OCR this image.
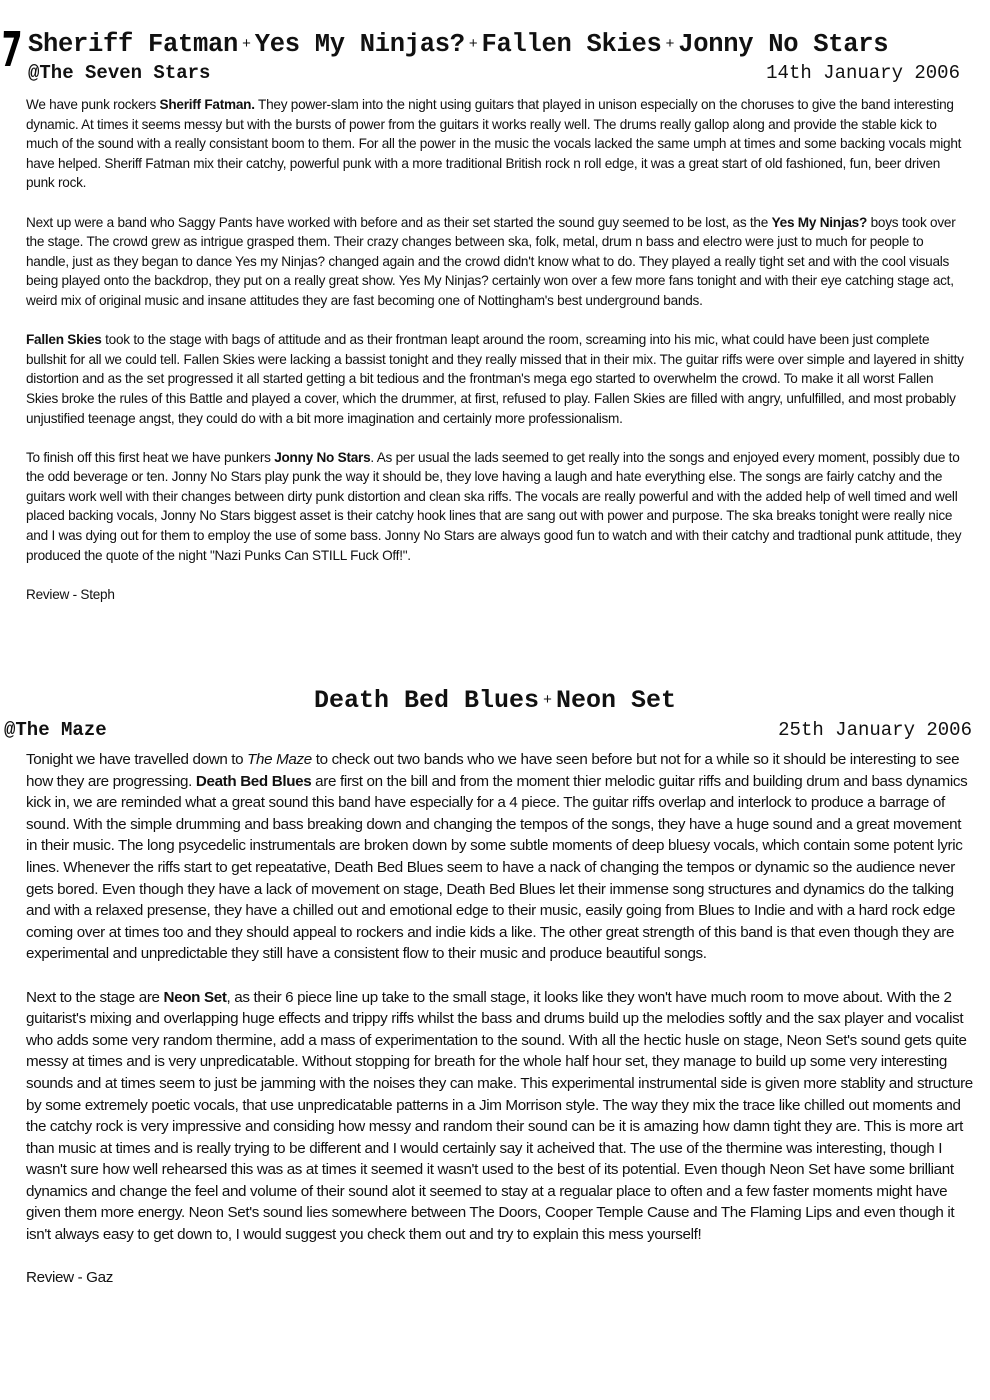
7 Sheriff Fatman + Yes My Ninjas? + Fallen Skies + Jonny No Stars
@The Seven Stars	14th January 2006

We have punk rockers Sheriff Fatman. They power-slam into the night using guitars that played in unison especially on the choruses to give the band interesting dynamic. At times it seems messy but with the bursts of power from the guitars it works really well. The drums really gallop along and provide the stable kick to much of the sound with a really consistant boom to them. For all the power in the music the vocals lacked the same umph at times and some backing vocals might have helped. Sheriff Fatman mix their catchy, powerful punk with a more traditional British rock n roll edge, it was a great start of old fashioned, fun, beer driven punk rock.

Next up were a band who Saggy Pants have worked with before and as their set started the sound guy seemed to be lost, as the Yes My Ninjas? boys took over the stage. The crowd grew as intrigue grasped them. Their crazy changes between ska, folk, metal, drum n bass and electro were just to much for people to handle, just as they began to dance Yes my Ninjas? changed again and the crowd didn't know what to do. They played a really tight set and with the cool visuals being played onto the backdrop, they put on a really great show. Yes My Ninjas? certainly won over a few more fans tonight and with their eye catching stage act, weird mix of original music and insane attitudes they are fast becoming one of Nottingham's best underground bands.

Fallen Skies took to the stage with bags of attitude and as their frontman leapt around the room, screaming into his mic, what could have been just complete bullshit for all we could tell. Fallen Skies were lacking a bassist tonight and they really missed that in their mix. The guitar riffs were over simple and layered in shitty distortion and as the set progressed it all started getting a bit tedious and the frontman's mega ego started to overwhelm the crowd. To make it all worst Fallen Skies broke the rules of this Battle and played a cover, which the drummer, at first, refused to play. Fallen Skies are filled with angry, unfulfilled, and most probably unjustified teenage angst, they could do with a bit more imagination and certainly more professionalism.

To finish off this first heat we have punkers Jonny No Stars. As per usual the lads seemed to get really into the songs and enjoyed every moment, possibly due to the odd beverage or ten. Jonny No Stars play punk the way it should be, they love having a laugh and hate everything else. The songs are fairly catchy and the guitars work well with their changes between dirty punk distortion and clean ska riffs. The vocals are really powerful and with the added help of well timed and well placed backing vocals, Jonny No Stars biggest asset is their catchy hook lines that are sang out with power and purpose. The ska breaks tonight were really nice and I was dying out for them to employ the use of some bass. Jonny No Stars are always good fun to watch and with their catchy and tradtional punk attitude, they produced the quote of the night "Nazi Punks Can STILL Fuck Off!".

Review - Steph

Death Bed Blues + Neon Set
@The Maze	25th January 2006

Tonight we have travelled down to The Maze to check out two bands who we have seen before but not for a while so it should be interesting to see how they are progressing. Death Bed Blues are first on the bill and from the moment thier melodic guitar riffs and building drum and bass dynamics kick in, we are reminded what a great sound this band have especially for a 4 piece. The guitar riffs overlap and interlock to produce a barrage of sound. With the simple drumming and bass breaking down and changing the tempos of the songs, they have a huge sound and a great movement in their music. The long psycedelic instrumentals are broken down by some subtle moments of deep bluesy vocals, which contain some potent lyric lines. Whenever the riffs start to get repeatative, Death Bed Blues seem to have a nack of changing the tempos or dynamic so the audience never gets bored. Even though they have a lack of movement on stage, Death Bed Blues let their immense song structures and dynamics do the talking and with a relaxed presense, they have a chilled out and emotional edge to their music, easily going from Blues to Indie and with a hard rock edge coming over at times too and they should appeal to rockers and indie kids a like. The other great strength of this band is that even though they are experimental and unpredictable they still have a consistent flow to their music and produce beautiful songs.

Next to the stage are Neon Set, as their 6 piece line up take to the small stage, it looks like they won't have much room to move about. With the 2 guitarist's mixing and overlapping huge effects and trippy riffs whilst the bass and drums build up the melodies softly and the sax player and vocalist who adds some very random thermine, add a mass of experimentation to the sound. With all the hectic husle on stage, Neon Set's sound gets quite messy at times and is very unpredicatable. Without stopping for breath for the whole half hour set, they manage to build up some very interesting sounds and at times seem to just be jamming with the noises they can make. This experimental instrumental side is given more stablity and structure by some extremely poetic vocals, that use unpredicatable patterns in a Jim Morrison style. The way they mix the trace like chilled out moments and the catchy rock is very impressive and considing how messy and random their sound can be it is amazing how damn tight they are. This is more art than music at times and is really trying to be different and I would certainly say it acheived that. The use of the thermine was interesting, though I wasn't sure how well rehearsed this was as at times it seemed it wasn't used to the best of its potential. Even though Neon Set have some brilliant dynamics and change the feel and volume of their sound alot it seemed to stay at a regualar place to often and a few faster moments might have given them more energy. Neon Set's sound lies somewhere between The Doors, Cooper Temple Cause and The Flaming Lips and even though it isn't always easy to get down to, I would suggest you check them out and try to explain this mess yourself!

Review - Gaz
